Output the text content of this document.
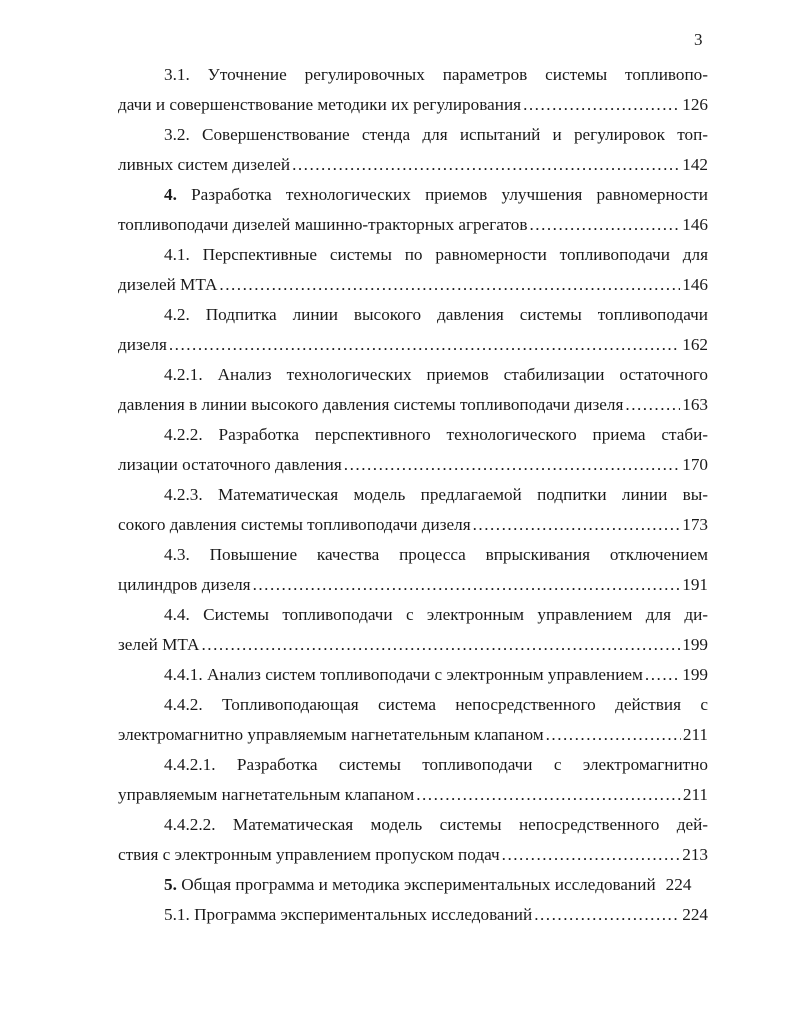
3
3.1. Уточнение регулировочных параметров системы топливопо-
дачи и совершенствование методики их регулирования .....	126
3.2. Совершенствование стенда для испытаний и регулировок топ-
ливных систем дизелей .....	142
4. Разработка технологических приемов улучшения равномерности
топливоподачи дизелей машинно-тракторных агрегатов .....	146
4.1. Перспективные системы по равномерности топливоподачи для
дизелей МТА .....	146
4.2. Подпитка линии высокого давления системы топливоподачи
дизеля .....	162
4.2.1. Анализ технологических приемов стабилизации остаточного
давления в линии высокого давления системы топливоподачи дизеля .....	163
4.2.2. Разработка перспективного технологического приема стаби-
лизации остаточного давления .....	170
4.2.3. Математическая модель предлагаемой подпитки линии вы-
сокого давления системы топливоподачи дизеля .....	173
4.3. Повышение качества процесса впрыскивания отключением
цилиндров дизеля .....	191
4.4. Системы топливоподачи с электронным управлением для ди-
зелей МТА .....	199
4.4.1. Анализ систем топливоподачи с электронным управлением ..... 199
4.4.2. Топливоподающая система непосредственного действия с
электромагнитно управляемым нагнетательным клапаном .....	211
4.4.2.1. Разработка системы топливоподачи с электромагнитно
управляемым нагнетательным клапаном .....	211
4.4.2.2. Математическая модель системы непосредственного дей-
ствия с электронным управлением пропуском подач .....	213
5. Общая программа и методика экспериментальных исследований 224
5.1. Программа экспериментальных исследований .....	224
